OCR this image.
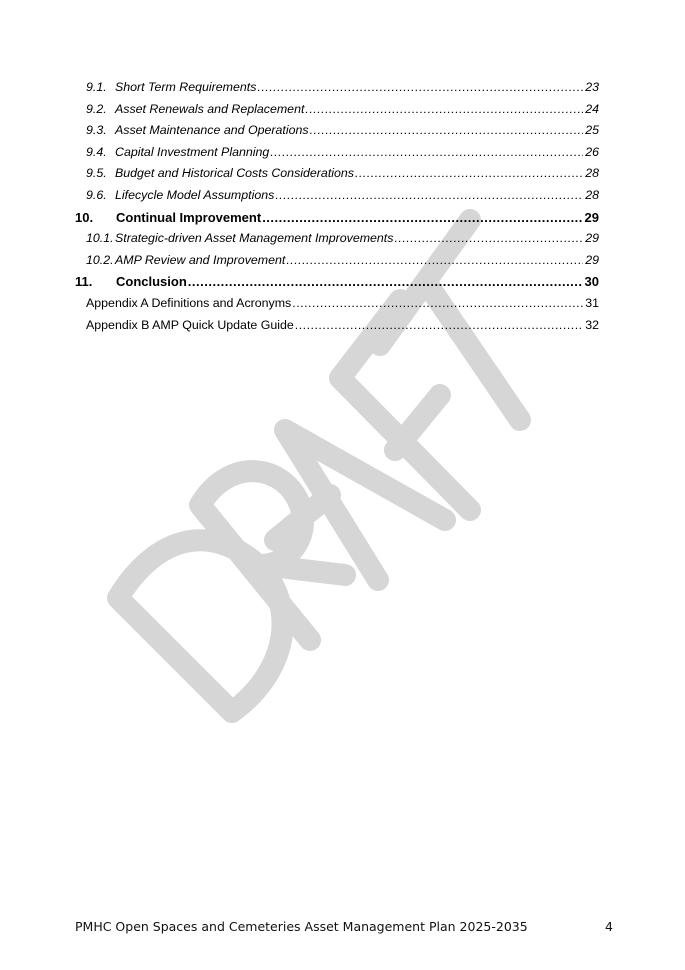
9.1. Short Term Requirements .....	23
9.2. Asset Renewals and Replacement .....	24
9.3. Asset Maintenance and Operations .....	25
9.4. Capital Investment Planning .....	26
9.5. Budget and Historical Costs Considerations .....	28
9.6. Lifecycle Model Assumptions .....	28
10.	Continual Improvement .....	29
10.1. Strategic-driven Asset Management Improvements .....	29
10.2. AMP Review and Improvement .....	29
11.	Conclusion .....	30
Appendix A Definitions and Acronyms .....	31
Appendix B AMP Quick Update Guide .....	32
PMHC Open Spaces and Cemeteries Asset Management Plan 2025-2035	4
